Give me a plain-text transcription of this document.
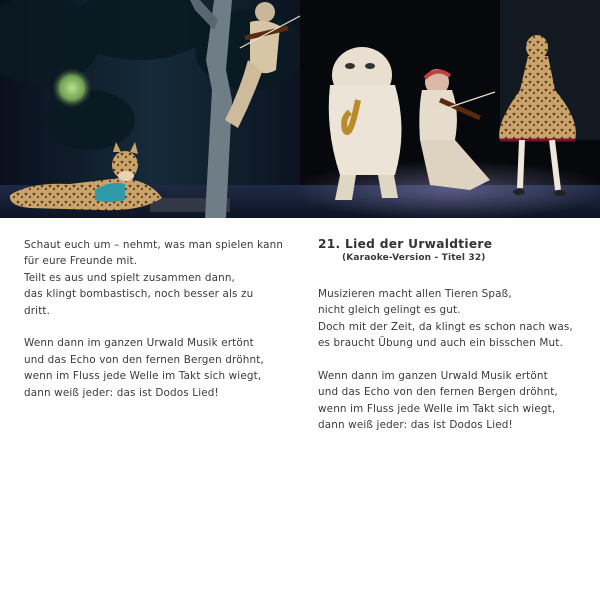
Schaut euch um – nehmt, was man spielen kann
für eure Freunde mit.
Teilt es aus und spielt zusammen dann,
das klingt bombastisch, noch besser als zu
dritt.
Wenn dann im ganzen Urwald Musik ertönt
und das Echo von den fernen Bergen dröhnt,
wenn im Fluss jede Welle im Takt sich wiegt,
dann weiß jeder: das ist Dodos Lied!
21. Lied der Urwaldtiere
(Karaoke-Version - Titel 32)
Musizieren macht allen Tieren Spaß,
nicht gleich gelingt es gut.
Doch mit der Zeit, da klingt es schon nach was,
es braucht Übung und auch ein bisschen Mut.
Wenn dann im ganzen Urwald Musik ertönt
und das Echo von den fernen Bergen dröhnt,
wenn im Fluss jede Welle im Takt sich wiegt,
dann weiß jeder: das ist Dodos Lied!
